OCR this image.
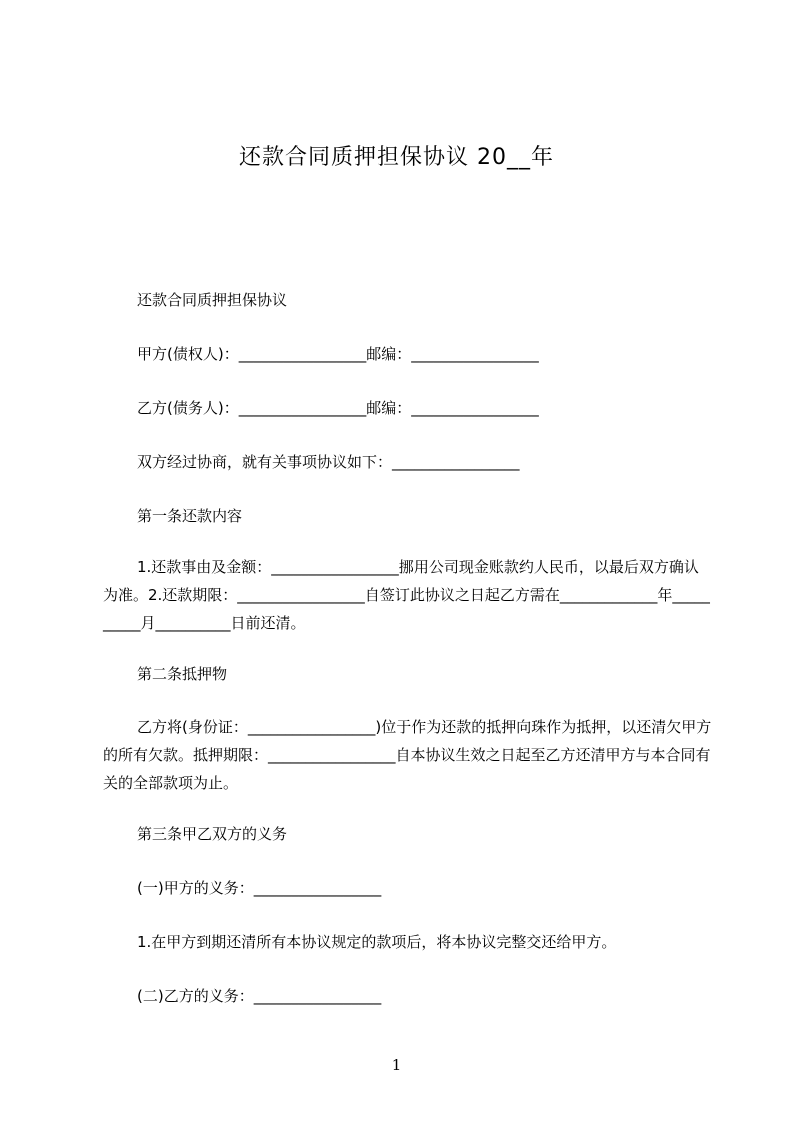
还款合同质押担保协议 20__年
还款合同质押担保协议
甲方(债权人)：_________________邮编：_________________
乙方(债务人)：_________________邮编：_________________
双方经过协商，就有关事项协议如下：_________________
第一条还款内容
1.还款事由及金额：_________________挪用公司现金账款约人民币，以最后双方确认为准。2.还款期限：_________________自签订此协议之日起乙方需在_____________年__________月__________日前还清。
第二条抵押物
乙方将(身份证：_________________)位于作为还款的抵押向珠作为抵押，以还清欠甲方的所有欠款。抵押期限：_________________自本协议生效之日起至乙方还清甲方与本合同有关的全部款项为止。
第三条甲乙双方的义务
(一)甲方的义务：_________________
1.在甲方到期还清所有本协议规定的款项后，将本协议完整交还给甲方。
(二)乙方的义务：_________________
1
